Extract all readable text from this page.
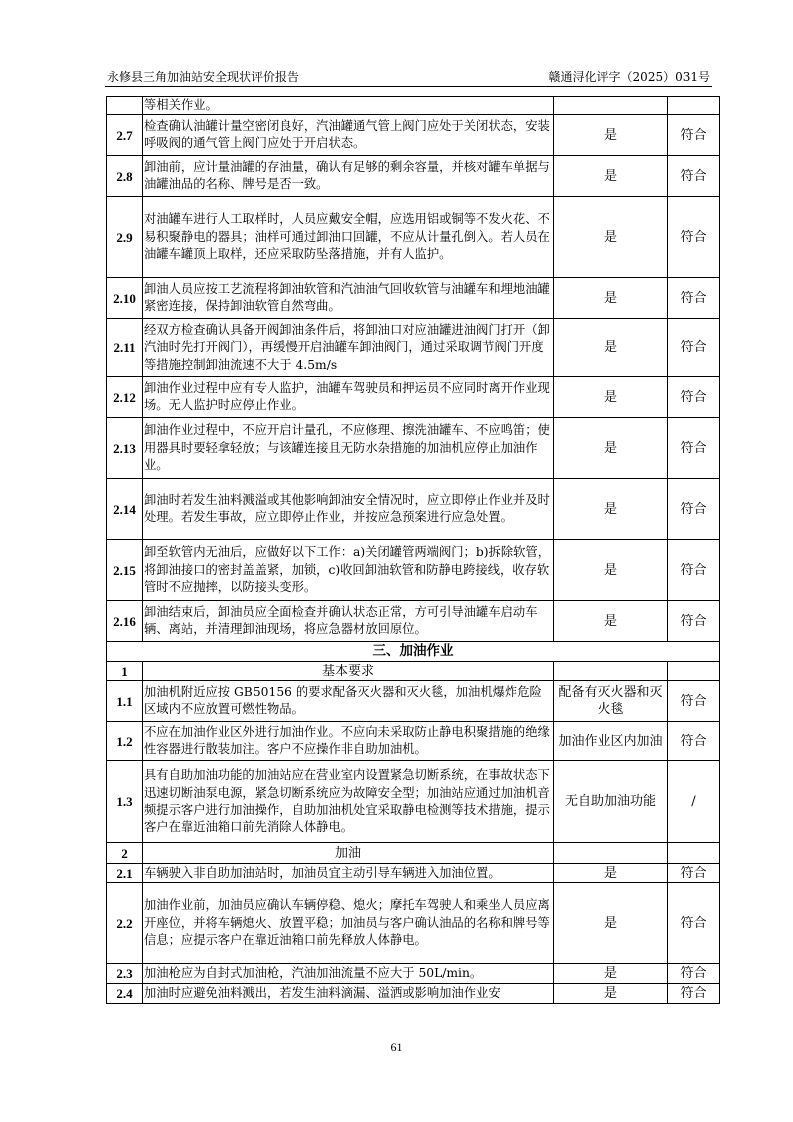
永修县三角加油站安全现状评价报告	赣通浔化评字（2025）031号
	等相关作业。		
2.7	检查确认油罐计量空密闭良好，汽油罐通气管上阀门应处于关闭状态，安装呼吸阀的通气管上阀门应处于开启状态。	是	符合
2.8	卸油前，应计量油罐的存油量，确认有足够的剩余容量，并核对罐车单据与油罐油品的名称、牌号是否一致。	是	符合
2.9	对油罐车进行人工取样时，人员应戴安全帽，应选用铝或铜等不发火花、不易积聚静电的器具；油样可通过卸油口回罐，不应从计量孔倒入。若人员在油罐车罐顶上取样，还应采取防坠落措施，并有人监护。	是	符合
2.10	卸油人员应按工艺流程将卸油软管和汽油油气回收软管与油罐车和埋地油罐紧密连接，保持卸油软管自然弯曲。	是	符合
2.11	经双方检查确认具备开阀卸油条件后，将卸油口对应油罐进油阀门打开（卸汽油时先打开阀门），再缓慢开启油罐车卸油阀门，通过采取调节阀门开度等措施控制卸油流速不大于 4.5m/s	是	符合
2.12	卸油作业过程中应有专人监护，油罐车驾驶员和押运员不应同时离开作业现场。无人监护时应停止作业。	是	符合
2.13	卸油作业过程中，不应开启计量孔，不应修理、擦洗油罐车、不应鸣笛；使用器具时要轻拿轻放；与该罐连接且无防水杂措施的加油机应停止加油作业。	是	符合
2.14	卸油时若发生油料溅溢或其他影响卸油安全情况时，应立即停止作业并及时处理。若发生事故，应立即停止作业，并按应急预案进行应急处置。	是	符合
2.15	卸至软管内无油后，应做好以下工作：a)关闭罐管两端阀门；b)拆除软管，将卸油接口的密封盖盖紧，加锁，c)收回卸油软管和防静电跨接线，收存软管时不应抛摔，以防接头变形。	是	符合
2.16	卸油结束后，卸油员应全面检查并确认状态正常，方可引导油罐车启动车辆、离站，并清理卸油现场，将应急器材放回原位。	是	符合
三、加油作业			
1	基本要求		
1.1	加油机附近应按 GB50156 的要求配备灭火器和灭火毯，加油机爆炸危险区域内不应放置可燃性物品。	配备有灭火器和灭火毯	符合
1.2	不应在加油作业区外进行加油作业。不应向未采取防止静电积聚措施的绝缘性容器进行散装加注。客户不应操作非自助加油机。	加油作业区内加油	符合
1.3	具有自助加油功能的加油站应在营业室内设置紧急切断系统，在事故状态下迅速切断油泵电源，紧急切断系统应为故障安全型；加油站应通过加油机音频提示客户进行加油操作，自助加油机处宜采取静电检测等技术措施，提示客户在靠近油箱口前先消除人体静电。	无自助加油功能	/
2	加油		
2.1	车辆驶入非自助加油站时，加油员宜主动引导车辆进入加油位置。	是	符合
2.2	加油作业前，加油员应确认车辆停稳、熄火；摩托车驾驶人和乘坐人员应离开座位，并将车辆熄火、放置平稳；加油员与客户确认油品的名称和牌号等信息；应提示客户在靠近油箱口前先释放人体静电。	是	符合
2.3	加油枪应为自封式加油枪，汽油加油流量不应大于 50L/min。	是	符合
2.4	加油时应避免油料溅出，若发生油料滴漏、溢洒或影响加油作业安	是	符合
61
